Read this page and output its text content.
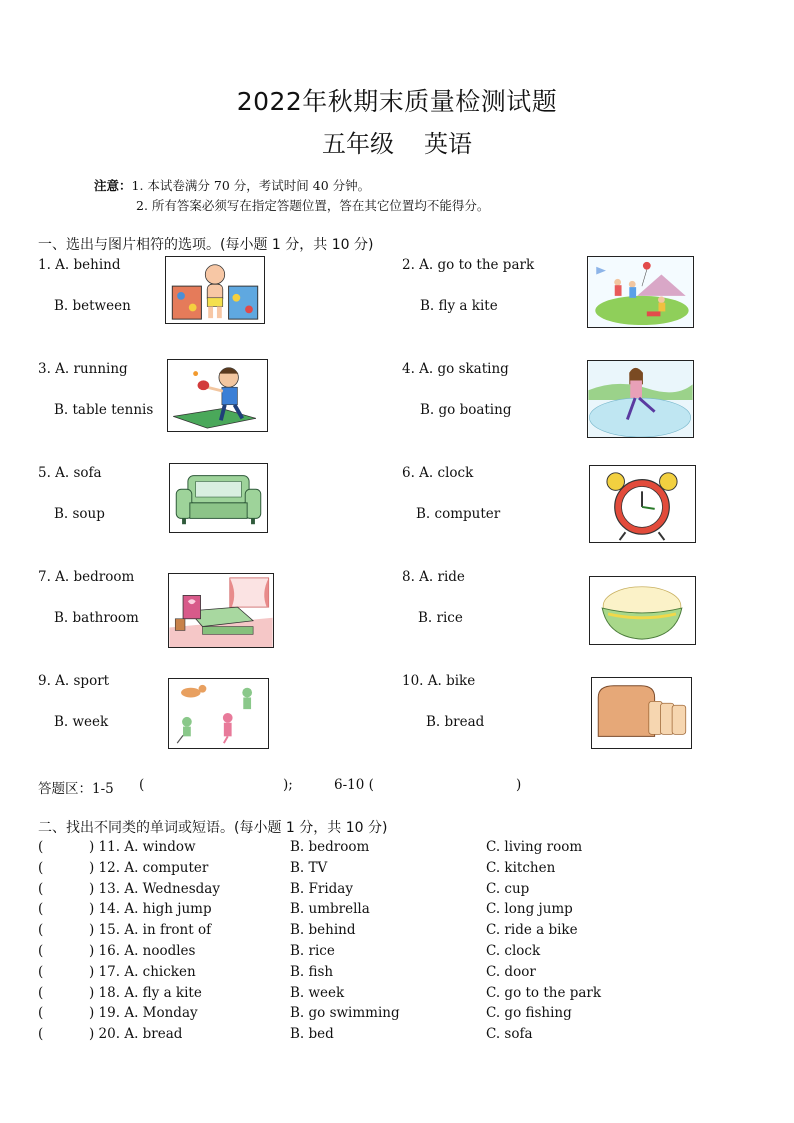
2022年秋期末质量检测试题
五年级 英语
注意：1. 本试卷满分 70 分，考试时间 40 分钟。
2. 所有答案必须写在指定答题位置，答在其它位置均不能得分。
一、选出与图片相符的选项。(每小题 1 分，共 10 分)
1. A. behind
B. between
2. A. go to the park
B. fly a kite
3. A. running
B. table tennis
4. A. go skating
B. go boating
5. A. sofa
B. soup
6. A. clock
B. computer
7. A. bedroom
B. bathroom
8. A. ride
B. rice
9. A. sport
B. week
10. A. bike
B. bread
答题区：1-5 (	);	6-10 (	)
二、找出不同类的单词或短语。(每小题 1 分，共 10 分)
(	) 11. A. window	B. bedroom	C. living room
(	) 12. A. computer	B. TV	C. kitchen
(	) 13. A. Wednesday	B. Friday	C. cup
(	) 14. A. high jump	B. umbrella	C. long jump
(	) 15. A. in front of	B. behind	C. ride a bike
(	) 16. A. noodles	B. rice	C. clock
(	) 17. A. chicken	B. fish	C. door
(	) 18. A. fly a kite	B. week	C. go to the park
(	) 19. A. Monday	B. go swimming	C. go fishing
(	) 20. A. bread	B. bed	C. sofa
